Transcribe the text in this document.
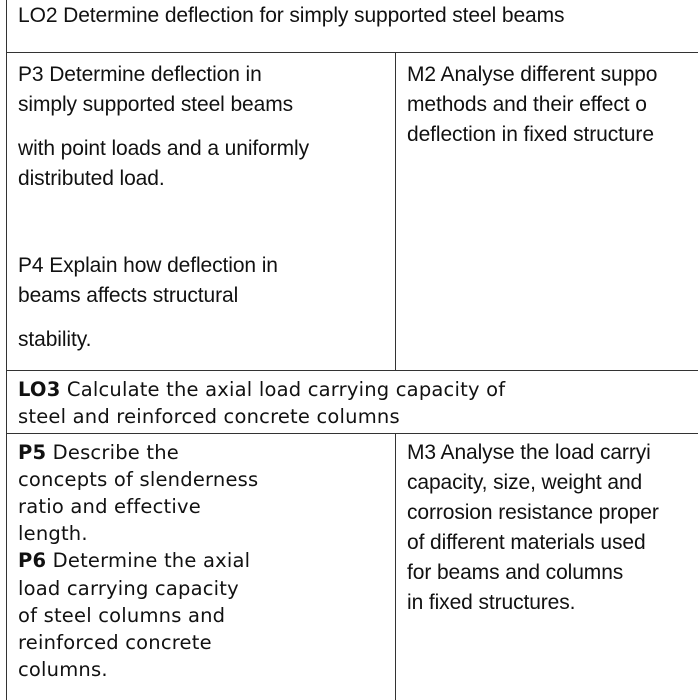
LO2 Determine deflection for simply supported steel beams
P3 Determine deflection in
simply supported steel beams
with point loads and a uniformly
distributed load.
P4 Explain how deflection in
beams affects structural
stability.
M2 Analyse different suppo
methods and their effect o
deflection in fixed structure
LO3 Calculate the axial load carrying capacity of
steel and reinforced concrete columns
P5 Describe the
concepts of slenderness
ratio and effective
length.
P6 Determine the axial
load carrying capacity
of steel columns and
reinforced concrete
columns.
M3 Analyse the load carryi
capacity, size, weight and
corrosion resistance proper
of different materials used
for beams and columns
in fixed structures.
